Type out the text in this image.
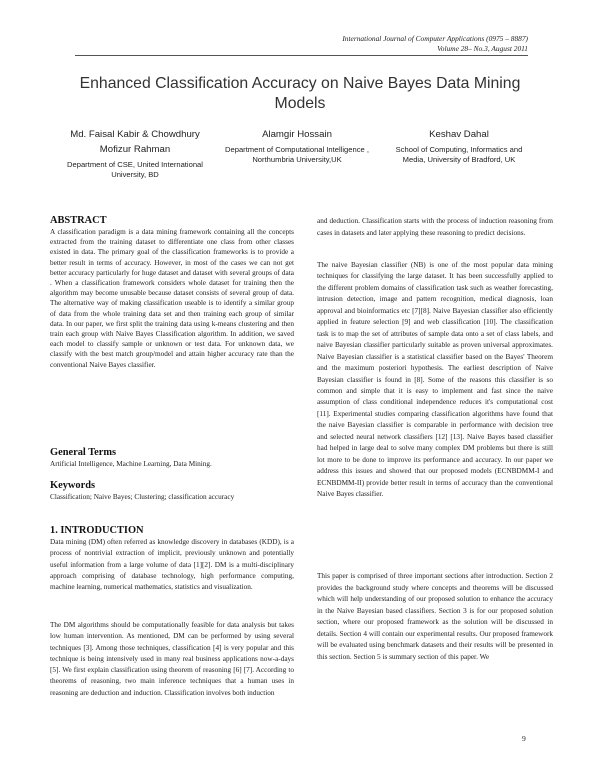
International Journal of Computer Applications (0975 – 8887)
Volume 28– No.3, August 2011
Enhanced Classification Accuracy on Naive Bayes Data Mining Models
Md. Faisal Kabir & Chowdhury Mofizur Rahman
Department of CSE, United International University, BD
Alamgir Hossain
Department of Computational Intelligence , Northumbria University,UK
Keshav Dahal
School of Computing, Informatics and Media, University of Bradford, UK
ABSTRACT

A classification paradigm is a data mining framework containing all the concepts extracted from the training dataset to differentiate one class from other classes existed in data. The primary goal of the classification frameworks is to provide a better result in terms of accuracy. However, in most of the cases we can not get better accuracy particularly for huge dataset and dataset with several groups of data . When a classification framework considers whole dataset for training then the algorithm may become unusable because dataset consists of several group of data. The alternative way of making classification useable is to identify a similar group of data from the whole training data set and then training each group of similar data. In our paper, we first split the training data using k-means clustering and then train each group with Naive Bayes Classification algorithm. In addition, we saved each model to classify sample or unknown or test data. For unknown data, we classify with the best match group/model and attain higher accuracy rate than the conventional Naive Bayes classifier.

General Terms

Artificial Intelligence, Machine Learning, Data Mining.

Keywords

Classification; Naive Bayes; Clustering; classification accuracy

1. INTRODUCTION

Data mining (DM) often referred as knowledge discovery in databases (KDD), is a process of nontrivial extraction of implicit, previously unknown and potentially useful information from a large volume of data [1][2]. DM is a multi-disciplinary approach comprising of database technology, high performance computing, machine learning, numerical mathematics, statistics and visualization.

The DM algorithms should be computationally feasible for data analysis but takes low human intervention. As mentioned, DM can be performed by using several techniques [3]. Among those techniques, classification [4] is very popular and this technique is being intensively used in many real business applications now-a-days [5]. We first explain classification using theorem of reasoning [6] [7]. According to theorems of reasoning, two main inference techniques that a human uses in reasoning are deduction and induction. Classification involves both induction

and deduction. Classification starts with the process of induction reasoning from cases in datasets and later applying these reasoning to predict decisions.

The naive Bayesian classifier (NB) is one of the most popular data mining techniques for classifying the large dataset. It has been successfully applied to the different problem domains of classification task such as weather forecasting, intrusion detection, image and pattern recognition, medical diagnosis, loan approval and bioinformatics etc [7][8]. Naive Bayesian classifier also efficiently applied in feature selection [9] and web classification [10]. The classification task is to map the set of attributes of sample data onto a set of class labels, and naive Bayesian classifier particularly suitable as proven universal approximates. Naive Bayesian classifier is a statistical classifier based on the Bayes' Theorem and the maximum posteriori hypothesis. The earliest description of Naive Bayesian classifier is found in [8]. Some of the reasons this classifier is so common and simple that it is easy to implement and fast since the naive assumption of class conditional independence reduces it's computational cost [11]. Experimental studies comparing classification algorithms have found that the naive Bayesian classifier is comparable in performance with decision tree and selected neural network classifiers [12] [13]. Naive Bayes based classifier had helped in large deal to solve many complex DM problems but there is still lot more to be done to improve its performance and accuracy. In our paper we address this issues and showed that our proposed models (ECNBDMM-I and ECNBDMM-II) provide better result in terms of accuracy than the conventional Naive Bayes classifier.

This paper is comprised of three important sections after introduction. Section 2 provides the background study where concepts and theorems will be discussed which will help understanding of our proposed solution to enhance the accuracy in the Naive Bayesian based classifiers. Section 3 is for our proposed solution section, where our proposed framework as the solution will be discussed in details. Section 4 will contain our experimental results. Our proposed framework will be evaluated using benchmark datasets and their results will be presented in this section. Section 5 is summary section of this paper. We

9
